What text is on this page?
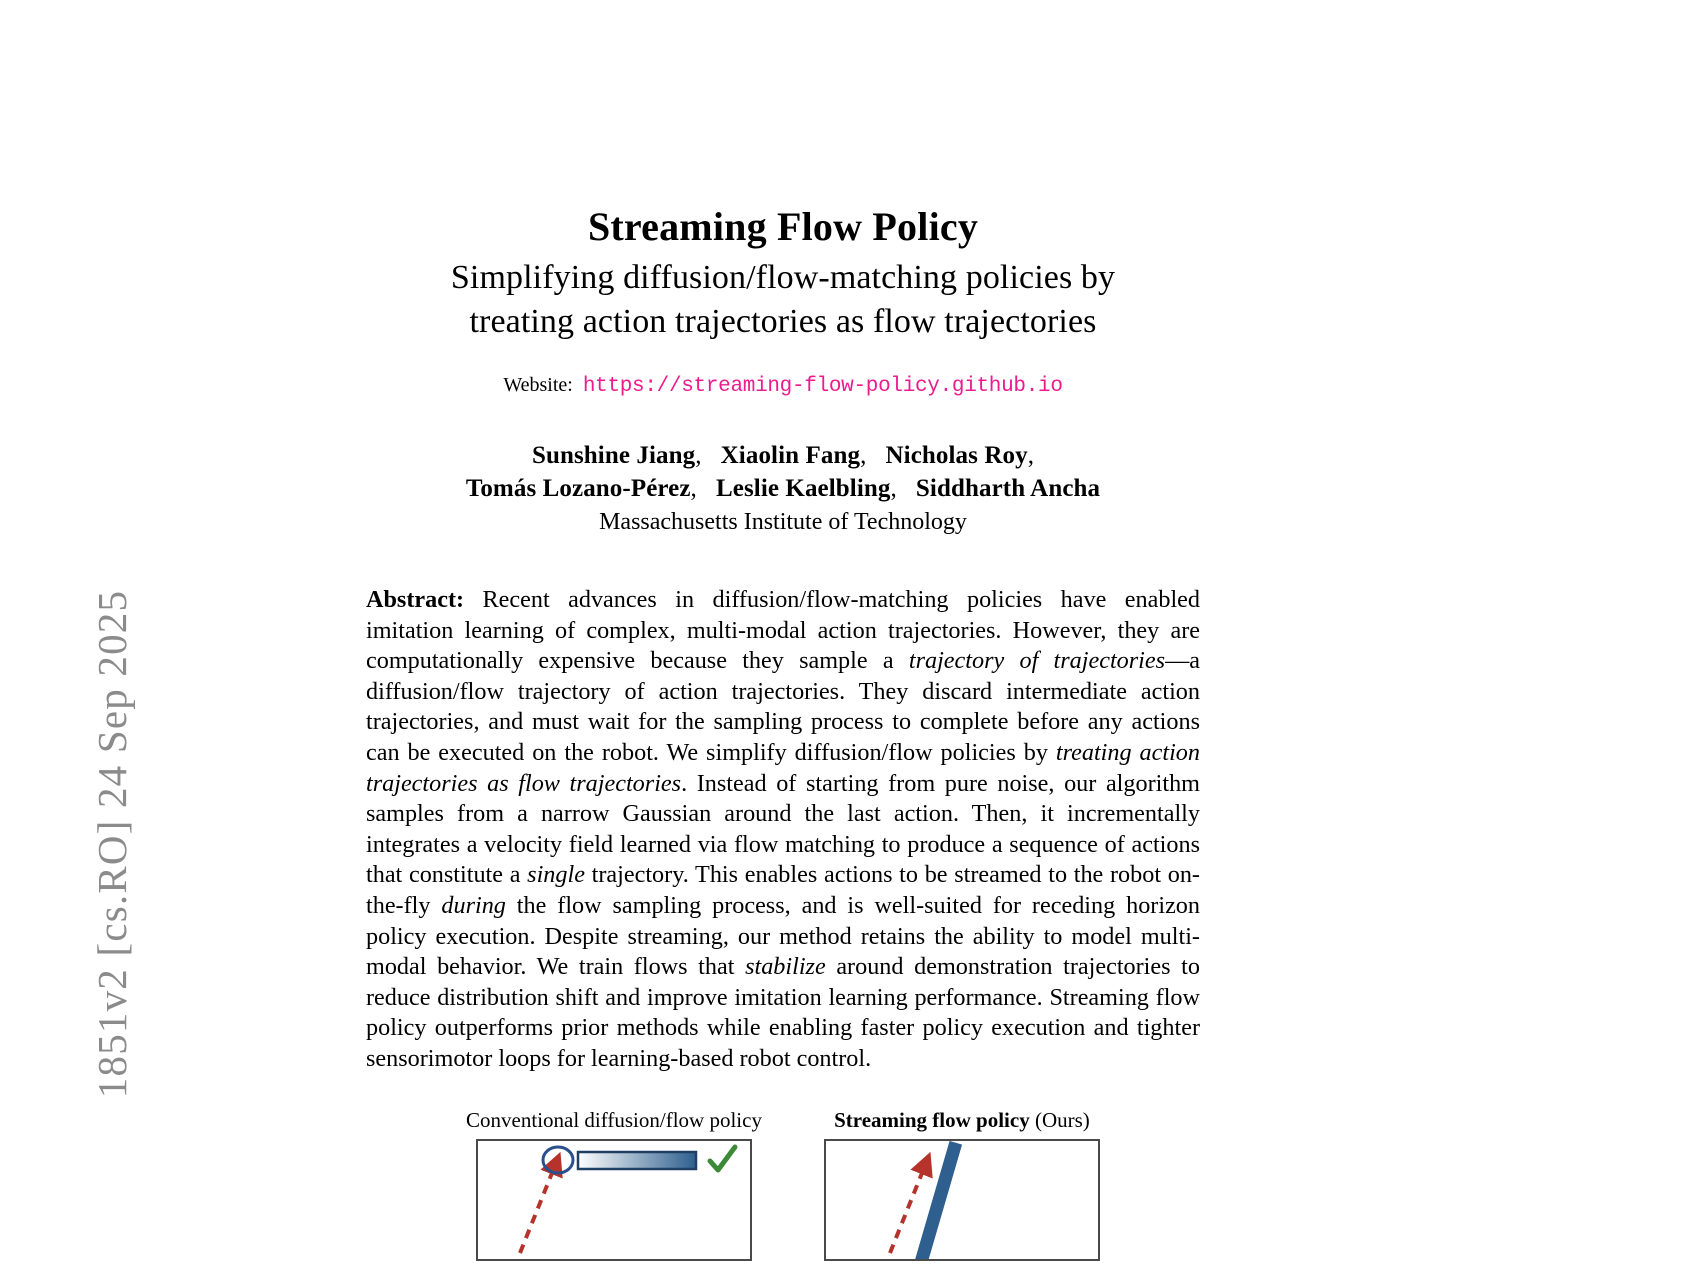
1851v2 [cs.RO] 24 Sep 2025
Streaming Flow Policy
Simplifying diffusion/flow-matching policies by
treating action trajectories as flow trajectories
Website: https://streaming-flow-policy.github.io
Sunshine Jiang, Xiaolin Fang, Nicholas Roy,
Tomás Lozano-Pérez, Leslie Kaelbling, Siddharth Ancha
Massachusetts Institute of Technology

Abstract: Recent advances in diffusion/flow-matching policies have enabled imitation learning of complex, multi-modal action trajectories. However, they are computationally expensive because they sample a trajectory of trajectories—a diffusion/flow trajectory of action trajectories. They discard intermediate action trajectories, and must wait for the sampling process to complete before any actions can be executed on the robot. We simplify diffusion/flow policies by treating action trajectories as flow trajectories. Instead of starting from pure noise, our algorithm samples from a narrow Gaussian around the last action. Then, it incrementally integrates a velocity field learned via flow matching to produce a sequence of actions that constitute a single trajectory. This enables actions to be streamed to the robot on-the-fly during the flow sampling process, and is well-suited for receding horizon policy execution. Despite streaming, our method retains the ability to model multi-modal behavior. We train flows that stabilize around demonstration trajectories to reduce distribution shift and improve imitation learning performance. Streaming flow policy outperforms prior methods while enabling faster policy execution and tighter sensorimotor loops for learning-based robot control.

Conventional diffusion/flow policy	Streaming flow policy (Ours)
